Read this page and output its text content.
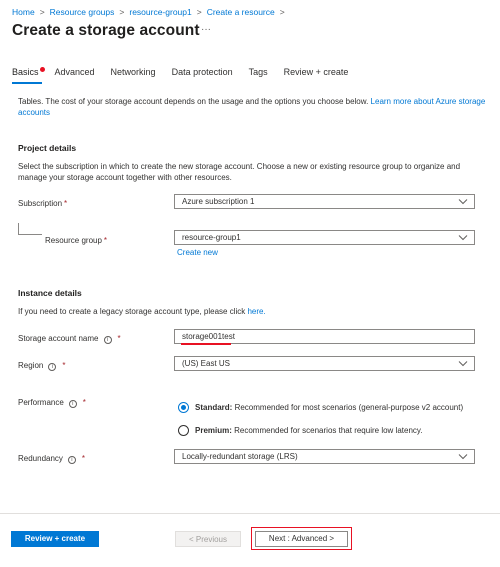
Home > Resource groups > resource-group1 > Create a resource >
Create a storage account ···
Basics Advanced Networking Data protection Tags Review + create
Tables. The cost of your storage account depends on the usage and the options you choose below. Learn more about Azure storage accounts
Project details
Select the subscription in which to create the new storage account. Choose a new or existing resource group to organize and manage your storage account together with other resources.
Subscription *	Azure subscription 1
Resource group *	resource-group1
Create new
Instance details
If you need to create a legacy storage account type, please click here.
Storage account name i *	storage001test
Region i *	(US) East US
Performance i *
Standard: Recommended for most scenarios (general-purpose v2 account)
Premium: Recommended for scenarios that require low latency.
Redundancy i *	Locally-redundant storage (LRS)
Review + create	< Previous	Next : Advanced >
